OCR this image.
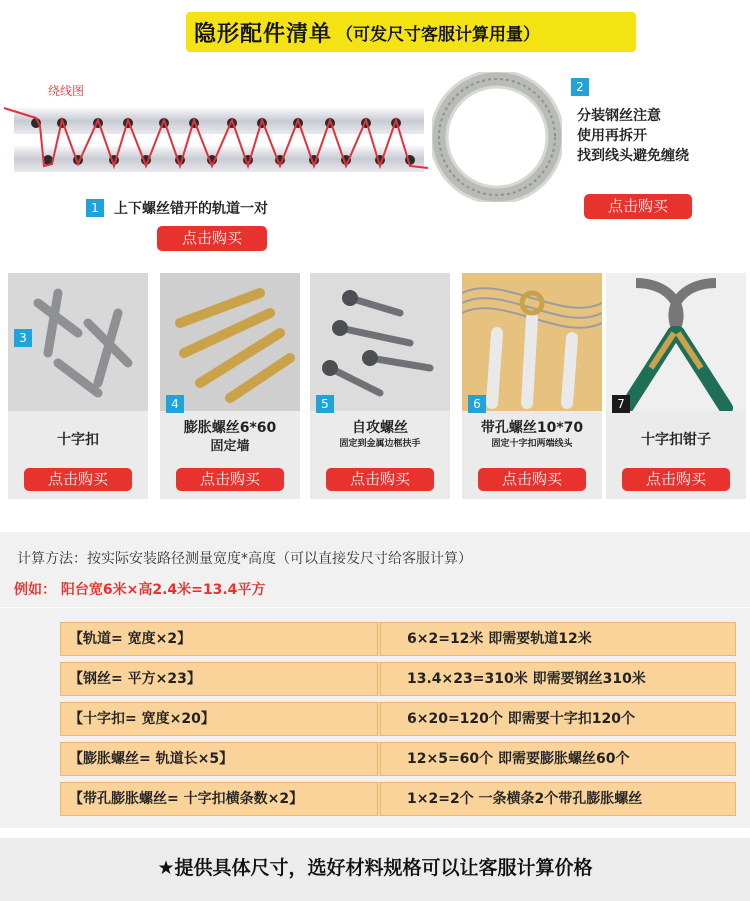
隐形配件清单 （可发尺寸客服计算用量）
绕线图
1	上下螺丝错开的轨道一对
点击购买
2
分装钢丝注意
使用再拆开
找到线头避免缠绕
点击购买
3
十字扣
点击购买
4
膨胀螺丝6*60
固定墙
点击购买
5
自攻螺丝
固定到金属边框扶手
点击购买
6
带孔螺丝10*70
固定十字扣两端线头
点击购买
7
十字扣钳子
点击购买
计算方法：按实际安装路径测量宽度*高度（可以直接发尺寸给客服计算）
例如： 阳台宽6米×高2.4米=13.4平方
【轨道= 宽度×2】	6×2=12米 即需要轨道12米
【钢丝= 平方×23】	13.4×23=310米 即需要钢丝310米
【十字扣= 宽度×20】	6×20=120个 即需要十字扣120个
【膨胀螺丝= 轨道长×5】	12×5=60个 即需要膨胀螺丝60个
【带孔膨胀螺丝= 十字扣横条数×2】	1×2=2个 一条横条2个带孔膨胀螺丝
★提供具体尺寸，选好材料规格可以让客服计算价格
